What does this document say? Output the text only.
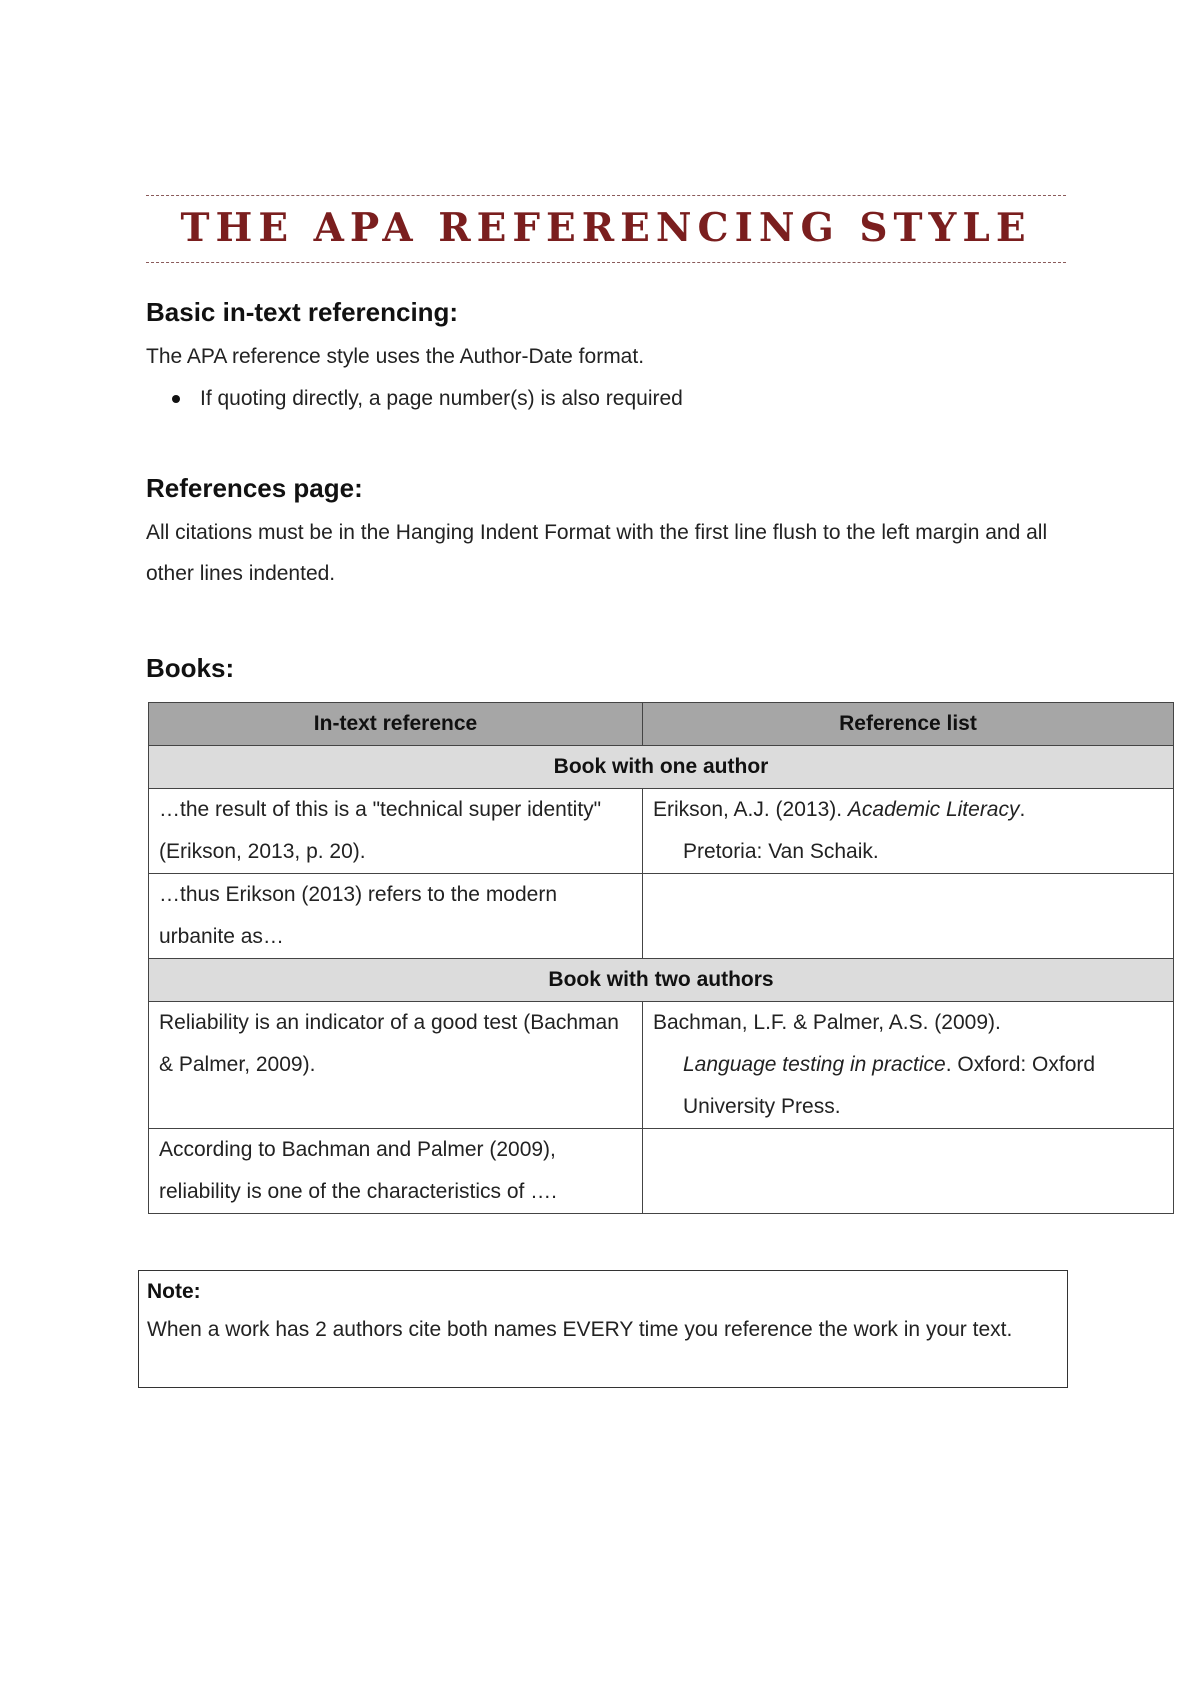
THE APA REFERENCING STYLE
Basic in-text referencing:

The APA reference style uses the Author-Date format.

If quoting directly, a page number(s) is also required
References page:

All citations must be in the Hanging Indent Format with the first line flush to the left margin and all other lines indented.

Books:
In-text reference	Reference list
Book with one author	
…the result of this is a "technical super identity" (Erikson, 2013, p. 20).	Erikson, A.J. (2013). Academic Literacy.
Pretoria: Van Schaik.

…thus Erikson (2013) refers to the modern urbanite as…	
Book with two authors	
Reliability is an indicator of a good test (Bachman & Palmer, 2009).	Bachman, L.F. & Palmer, A.S. (2009).
Language testing in practice. Oxford: Oxford University Press.

According to Bachman and Palmer (2009), reliability is one of the characteristics of ….	
Note:
When a work has 2 authors cite both names EVERY time you reference the work in your text.
